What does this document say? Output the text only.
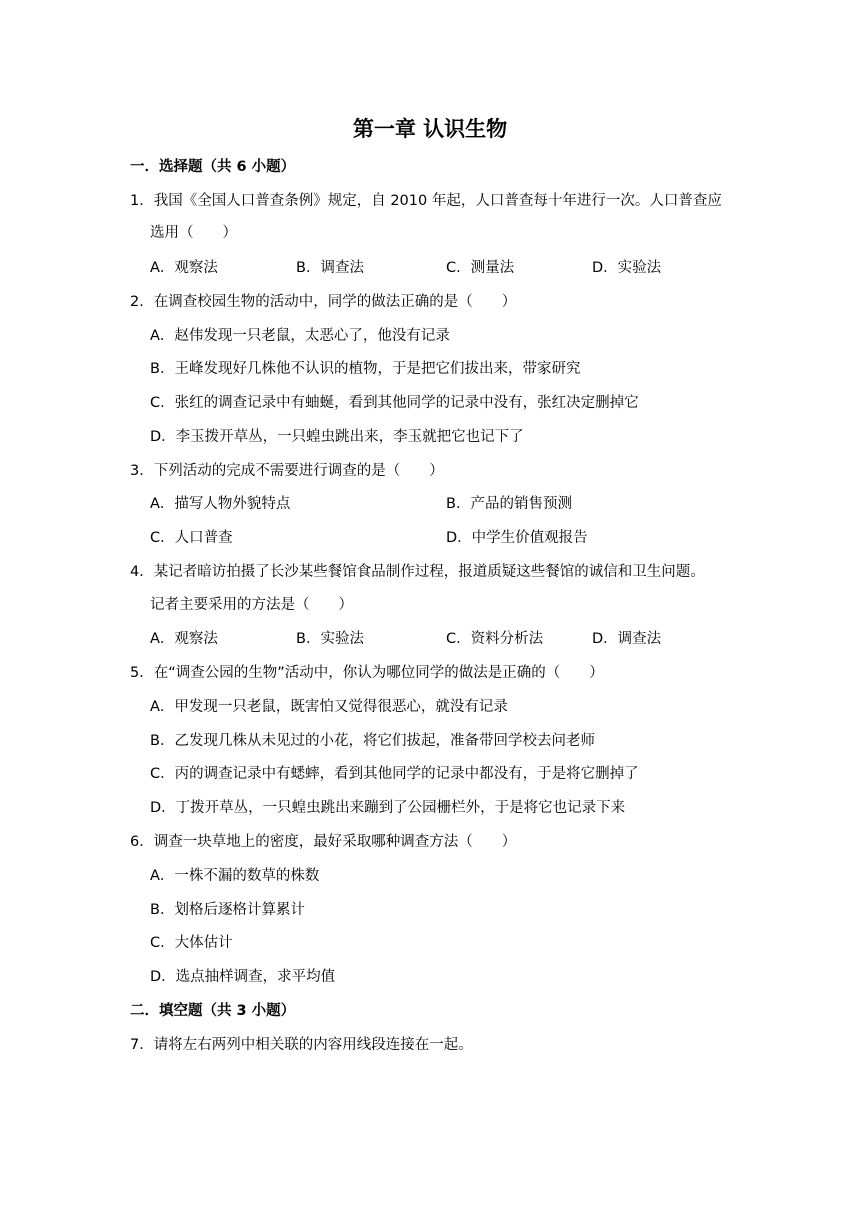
第一章 认识生物
一．选择题（共 6 小题）
1．我国《全国人口普查条例》规定，自 2010 年起，人口普查每十年进行一次。人口普查应
选用（　　）
A．观察法	B．调查法	C．测量法	D．实验法
2．在调查校园生物的活动中，同学的做法正确的是（　　）
A．赵伟发现一只老鼠，太恶心了，他没有记录
B．王峰发现好几株他不认识的植物，于是把它们拔出来，带家研究
C．张红的调查记录中有蚰蜒，看到其他同学的记录中没有，张红决定删掉它
D．李玉拨开草丛，一只蝗虫跳出来，李玉就把它也记下了
3．下列活动的完成不需要进行调查的是（　　）
A．描写人物外貌特点	B．产品的销售预测
C．人口普查	D．中学生价值观报告
4．某记者暗访拍摄了长沙某些餐馆食品制作过程，报道质疑这些餐馆的诚信和卫生问题。
记者主要采用的方法是（　　）
A．观察法	B．实验法	C．资料分析法	D．调查法
5．在“调查公园的生物”活动中，你认为哪位同学的做法是正确的（　　）
A．甲发现一只老鼠，既害怕又觉得很恶心，就没有记录
B．乙发现几株从未见过的小花，将它们拔起，准备带回学校去问老师
C．丙的调查记录中有蟋蟀，看到其他同学的记录中都没有，于是将它删掉了
D．丁拨开草丛，一只蝗虫跳出来蹦到了公园栅栏外，于是将它也记录下来
6．调查一块草地上的密度，最好采取哪种调查方法（　　）
A．一株不漏的数草的株数
B．划格后逐格计算累计
C．大体估计
D．选点抽样调查，求平均值
二．填空题（共 3 小题）
7．请将左右两列中相关联的内容用线段连接在一起。
